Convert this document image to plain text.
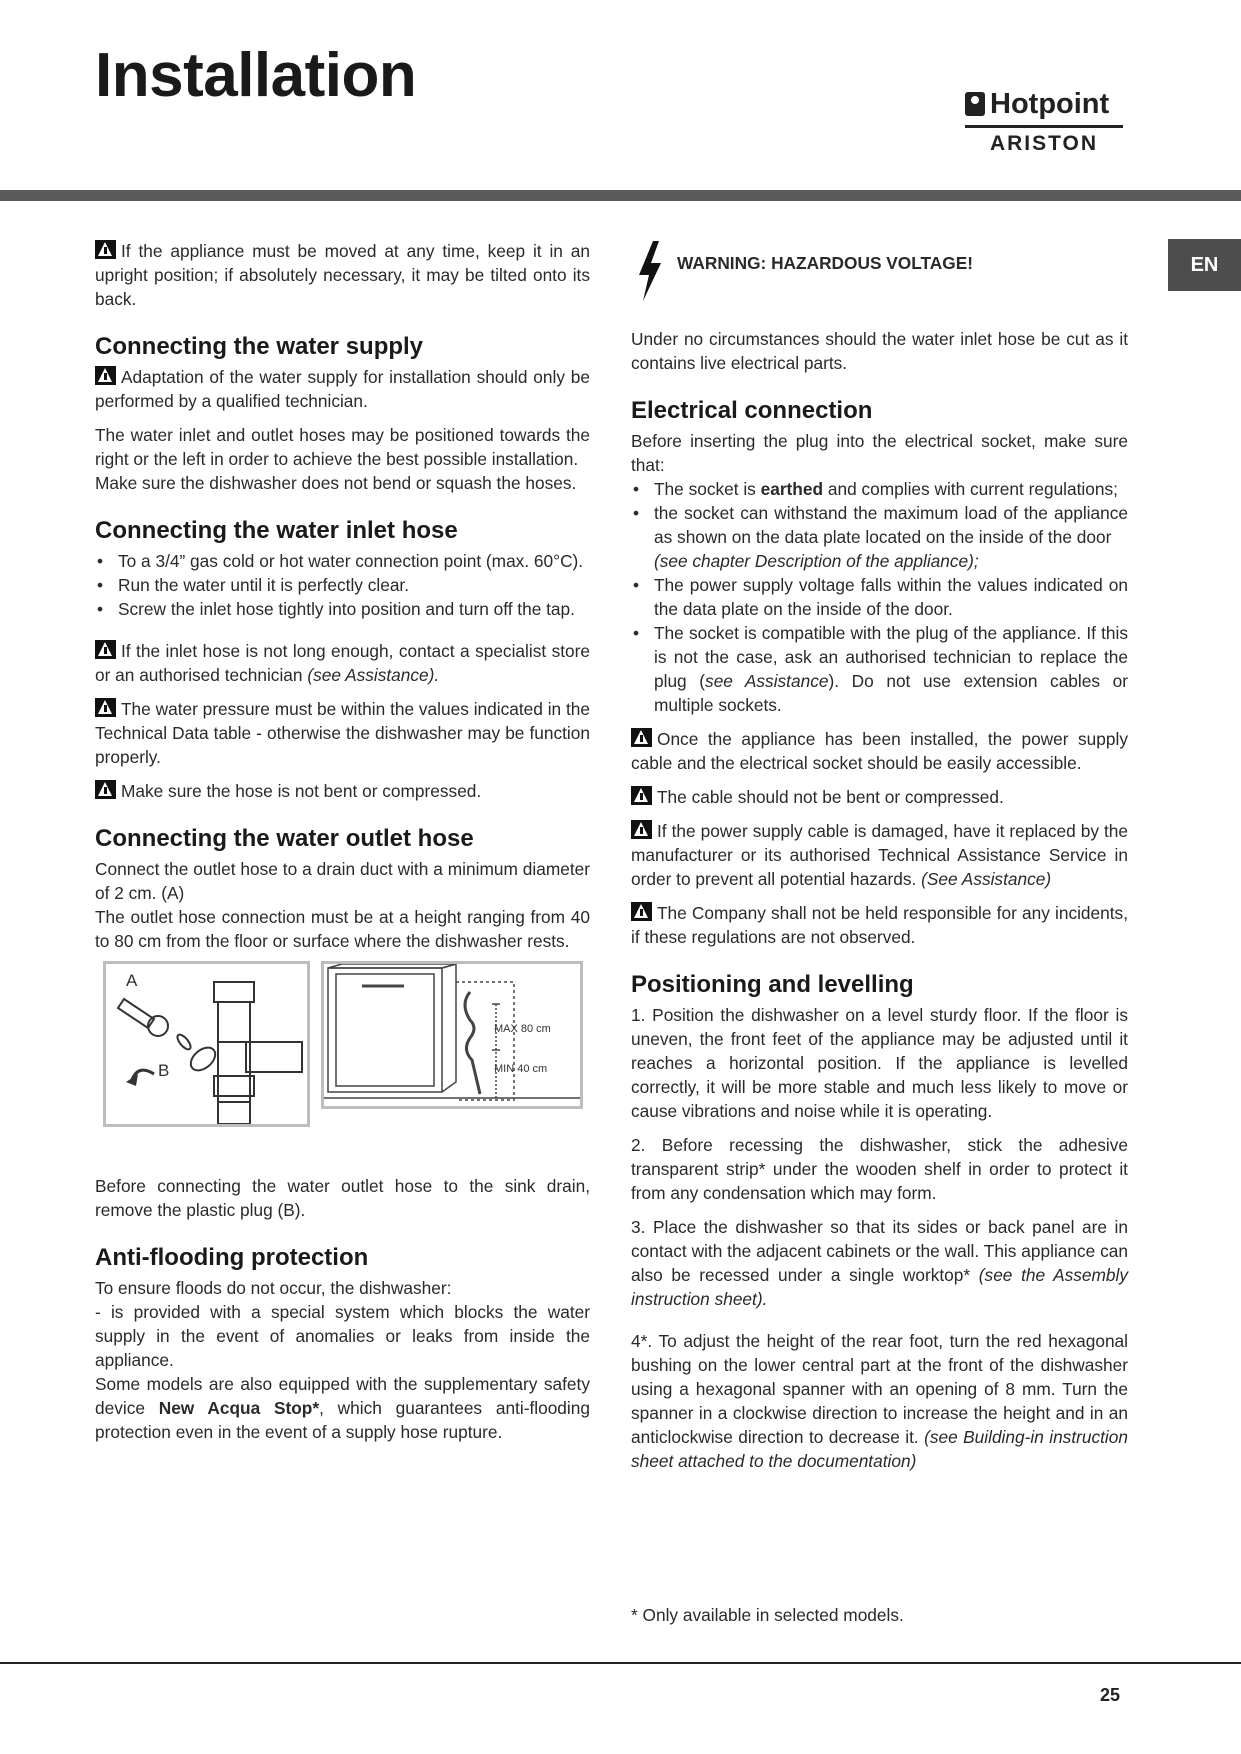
Installation	Hotpoint
ARISTON
EN

If the appliance must be moved at any time, keep it in an upright position; if absolutely necessary, it may be tilted onto its back.

Connecting the water supply

Adaptation of the water supply for installation should only be performed by a qualified technician.

The water inlet and outlet hoses may be positioned towards the right or the left in order to achieve the best possible installation.

Make sure the dishwasher does not bend or squash the hoses.

Connecting the water inlet hose
• To a 3/4” gas cold or hot water connection point (max. 60°C).
• Run the water until it is perfectly clear.
• Screw the inlet hose tightly into position and turn off the tap.

If the inlet hose is not long enough, contact a specialist store or an authorised technician (see Assistance).

The water pressure must be within the values indicated in the Technical Data table - otherwise the dishwasher may be function properly.

Make sure the hose is not bent or compressed.

Connecting the water outlet hose

Connect the outlet hose to a drain duct with a minimum diameter of 2 cm. (A)

The outlet hose connection must be at a height ranging from 40 to 80 cm from the floor or surface where the dishwasher rests.

A
B
MAX 80 cm
MIN 40 cm

Before connecting the water outlet hose to the sink drain, remove the plastic plug (B).

Anti-flooding protection

To ensure floods do not occur, the dishwasher:

- is provided with a special system which blocks the water supply in the event of anomalies or leaks from inside the appliance.

Some models are also equipped with the supplementary safety device New Acqua Stop*, which guarantees anti-flooding protection even in the event of a supply hose rupture.

WARNING: HAZARDOUS VOLTAGE!

Under no circumstances should the water inlet hose be cut as it contains live electrical parts.

Electrical connection

Before inserting the plug into the electrical socket, make sure that:

• The socket is earthed and complies with current regulations;
• the socket can withstand the maximum load of the appliance as shown on the data plate located on the inside of the door
(see chapter Description of the appliance);
• The power supply voltage falls within the values indicated on the data plate on the inside of the door.
• The socket is compatible with the plug of the appliance. If this is not the case, ask an authorised technician to replace the plug (see Assistance). Do not use extension cables or multiple sockets.

Once the appliance has been installed, the power supply cable and the electrical socket should be easily accessible.

The cable should not be bent or compressed.

If the power supply cable is damaged, have it replaced by the manufacturer or its authorised Technical Assistance Service in order to prevent all potential hazards. (See Assistance)

The Company shall not be held responsible for any incidents, if these regulations are not observed.

Positioning and levelling

1. Position the dishwasher on a level sturdy floor. If the floor is uneven, the front feet of the appliance may be adjusted until it reaches a horizontal position. If the appliance is levelled correctly, it will be more stable and much less likely to move or cause vibrations and noise while it is operating.

2. Before recessing the dishwasher, stick the adhesive transparent strip* under the wooden shelf in order to protect it from any condensation which may form.

3. Place the dishwasher so that its sides or back panel are in contact with the adjacent cabinets or the wall. This appliance can also be recessed under a single worktop* (see the Assembly instruction sheet).

4*. To adjust the height of the rear foot, turn the red hexagonal bushing on the lower central part at the front of the dishwasher using a hexagonal spanner with an opening of 8 mm. Turn the spanner in a clockwise direction to increase the height and in an anticlockwise direction to decrease it. (see Building-in instruction sheet attached to the documentation)

* Only available in selected models.
25
